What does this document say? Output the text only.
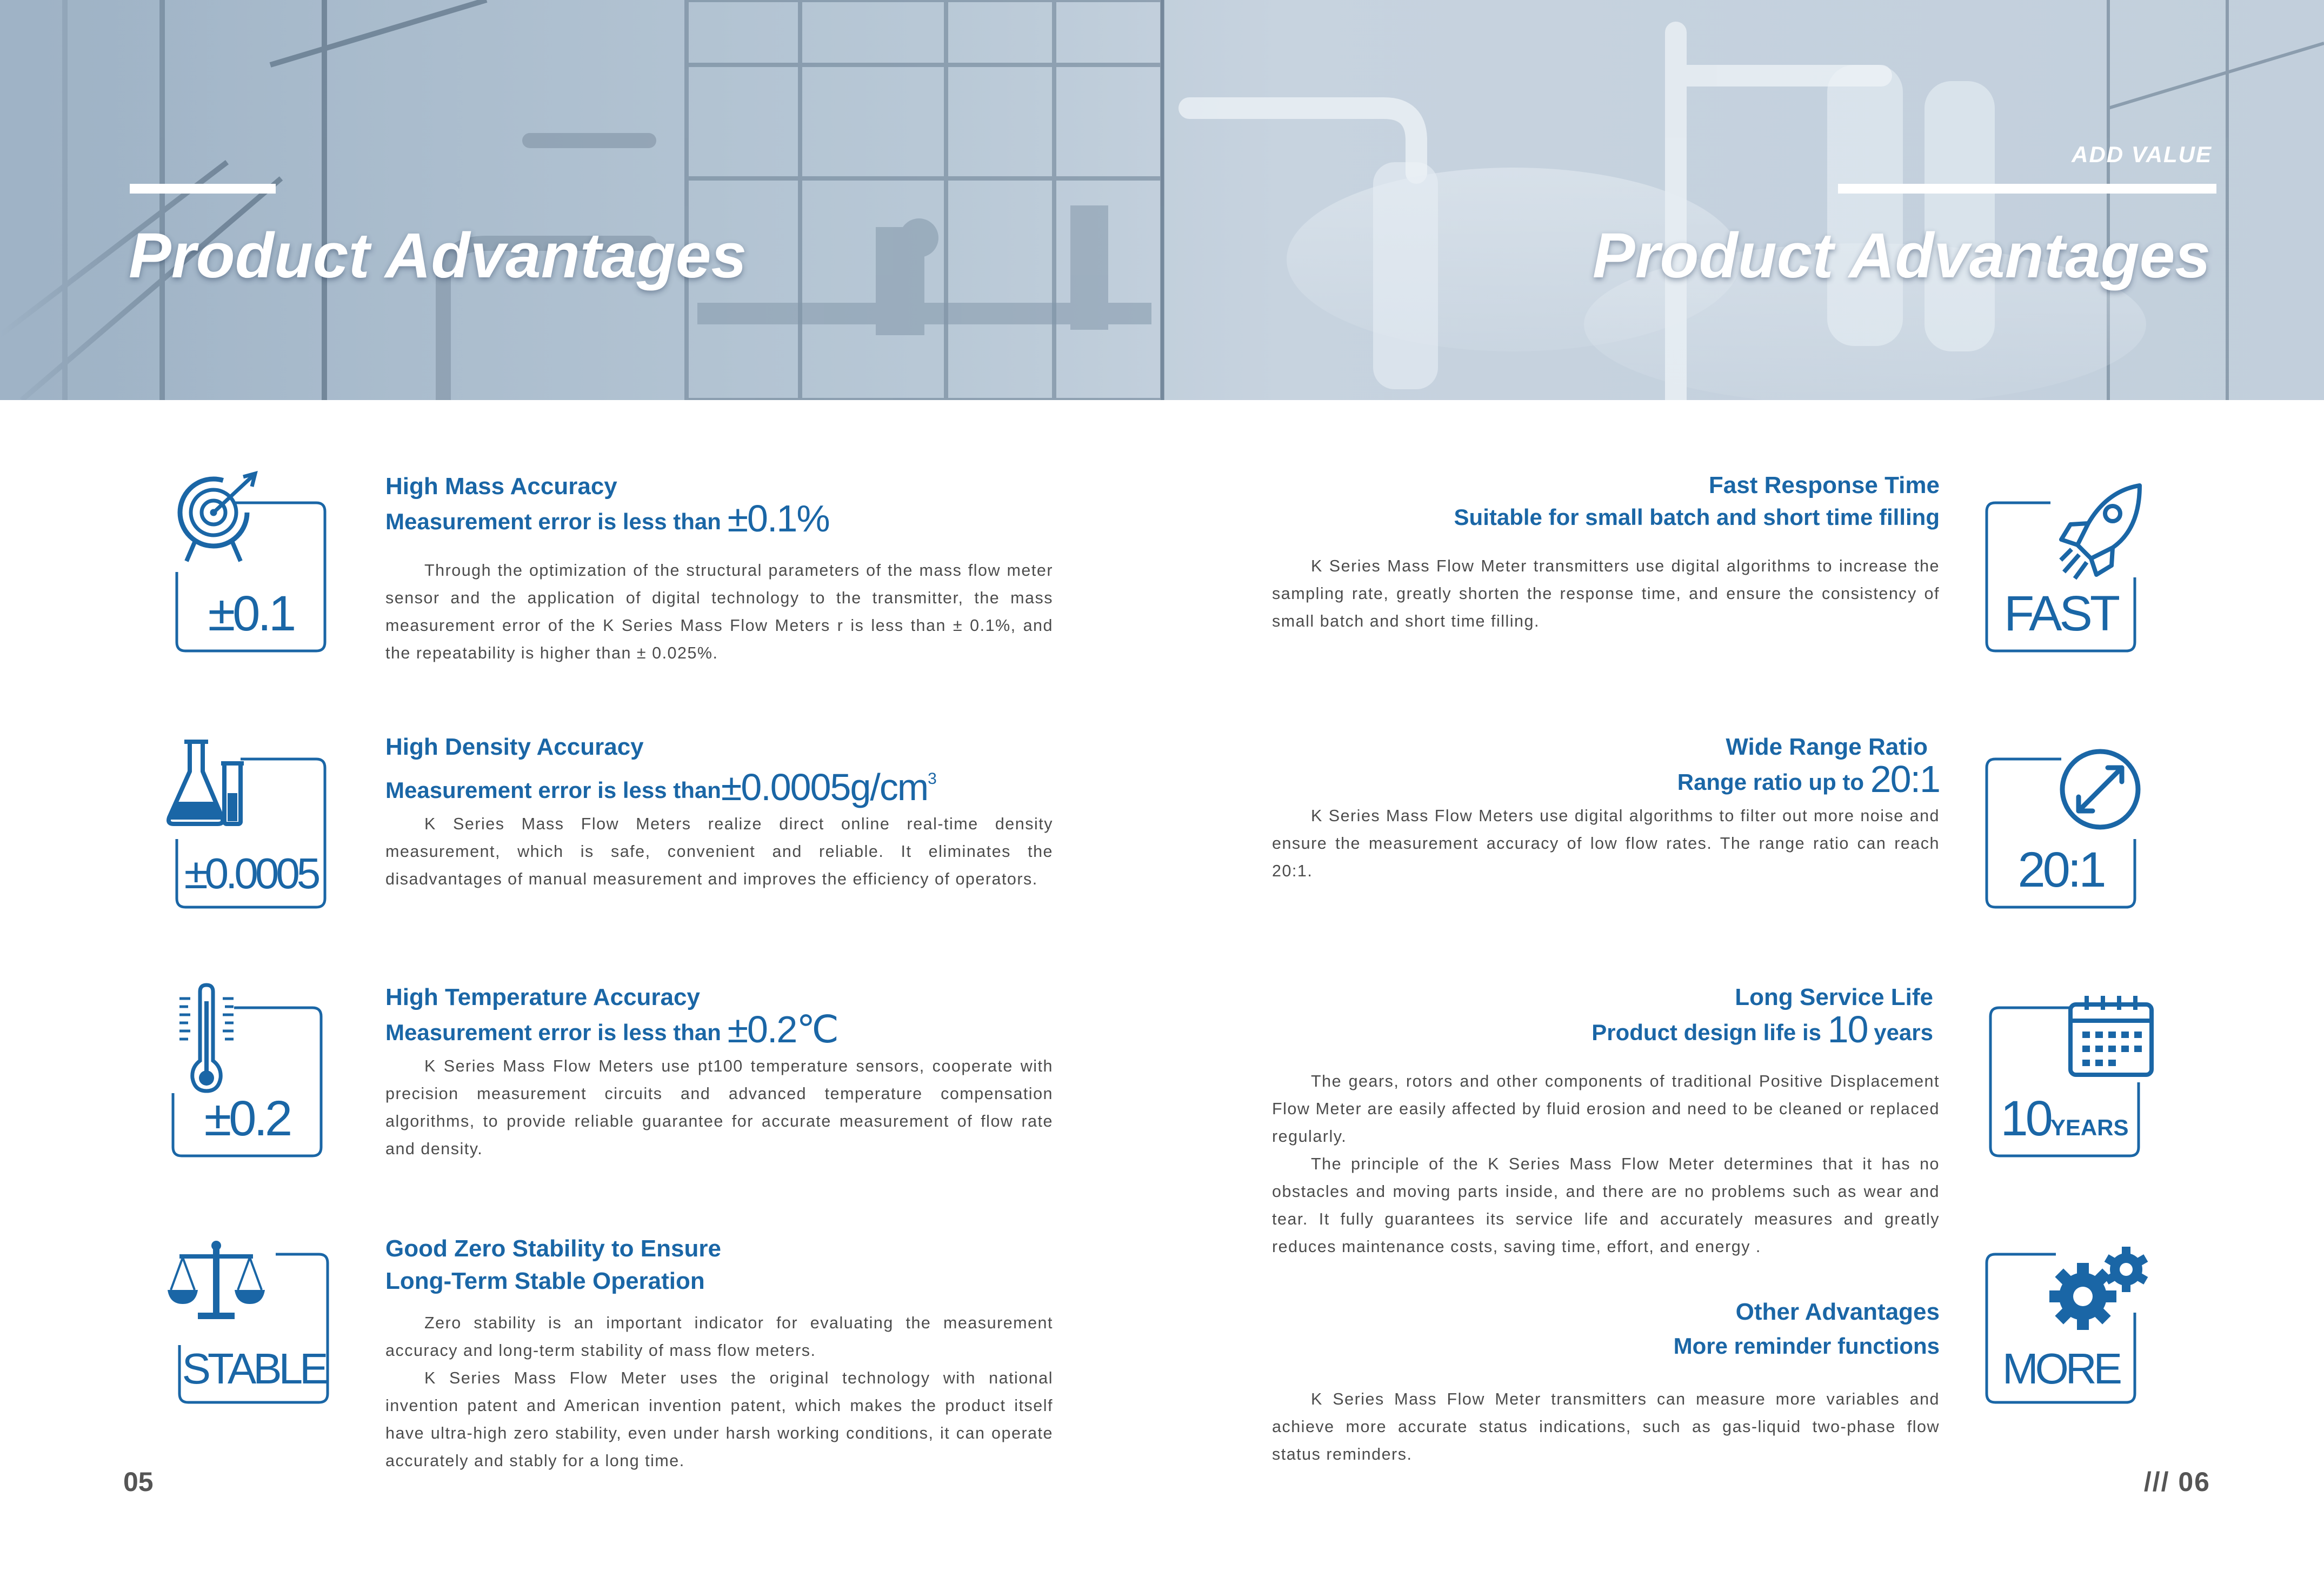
ADD VALUE
Product Advantages	Product Advantages
±0.1
High Mass Accuracy
Measurement error is less than ±0.1%

Through the optimization of the structural parameters of the mass flow meter sensor and the application of digital technology to the transmitter, the mass measurement error of the K Series Mass Flow Meters r is less than ± 0.1%, and the repeatability is higher than ± 0.025%.

±0.0005
High Density Accuracy
Measurement error is less $than\pm 0.0005g/cm^3$

K Series Mass Flow Meters realize direct online real-time density measurement, which is safe, convenient and reliable. It eliminates the disadvantages of manual measurement and improves the efficiency of operators.

±0.2
High Temperature Accuracy
Measurement error is less than ±0.2℃

K Series Mass Flow Meters use pt100 temperature sensors, cooperate with precision measurement circuits and advanced temperature compensation algorithms, to provide reliable guarantee for accurate measurement of flow rate and density.

STABLE
Good Zero Stability to Ensure
Long-Term Stable Operation

Zero stability is an important indicator for evaluating the measurement accuracy and long-term stability of mass flow meters.

K Series Mass Flow Meter uses the original technology with national invention patent and American invention patent, which makes the product itself have ultra-high zero stability, even under harsh working conditions, it can operate accurately and stably for a long time.

05
Fast Response Time
Suitable for small batch and short time filling

K Series Mass Flow Meter transmitters use digital algorithms to increase the sampling rate, greatly shorten the response time, and ensure the consistency of small batch and short time filling.	FAST
Wide Range Ratio
Range ratio up to 20:1

K Series Mass Flow Meters use digital algorithms to filter out more noise and ensure the measurement accuracy of low flow rates. The range ratio can reach 20:1.	20:1
Long Service Life
Product design life is 10 years

The gears, rotors and other components of traditional Positive Displacement Flow Meter are easily affected by fluid erosion and need to be cleaned or replaced regularly.

The principle of the K Series Mass Flow Meter determines that it has no obstacles and moving parts inside, and there are no problems such as wear and tear. It fully guarantees its service life and accurately measures and greatly reduces maintenance costs, saving time, effort, and energy .

10YEARS
Other Advantages
More reminder functions

K Series Mass Flow Meter transmitters can measure more variables and achieve more accurate status indications, such as gas-liquid two-phase flow status reminders.

MORE
/// 06
